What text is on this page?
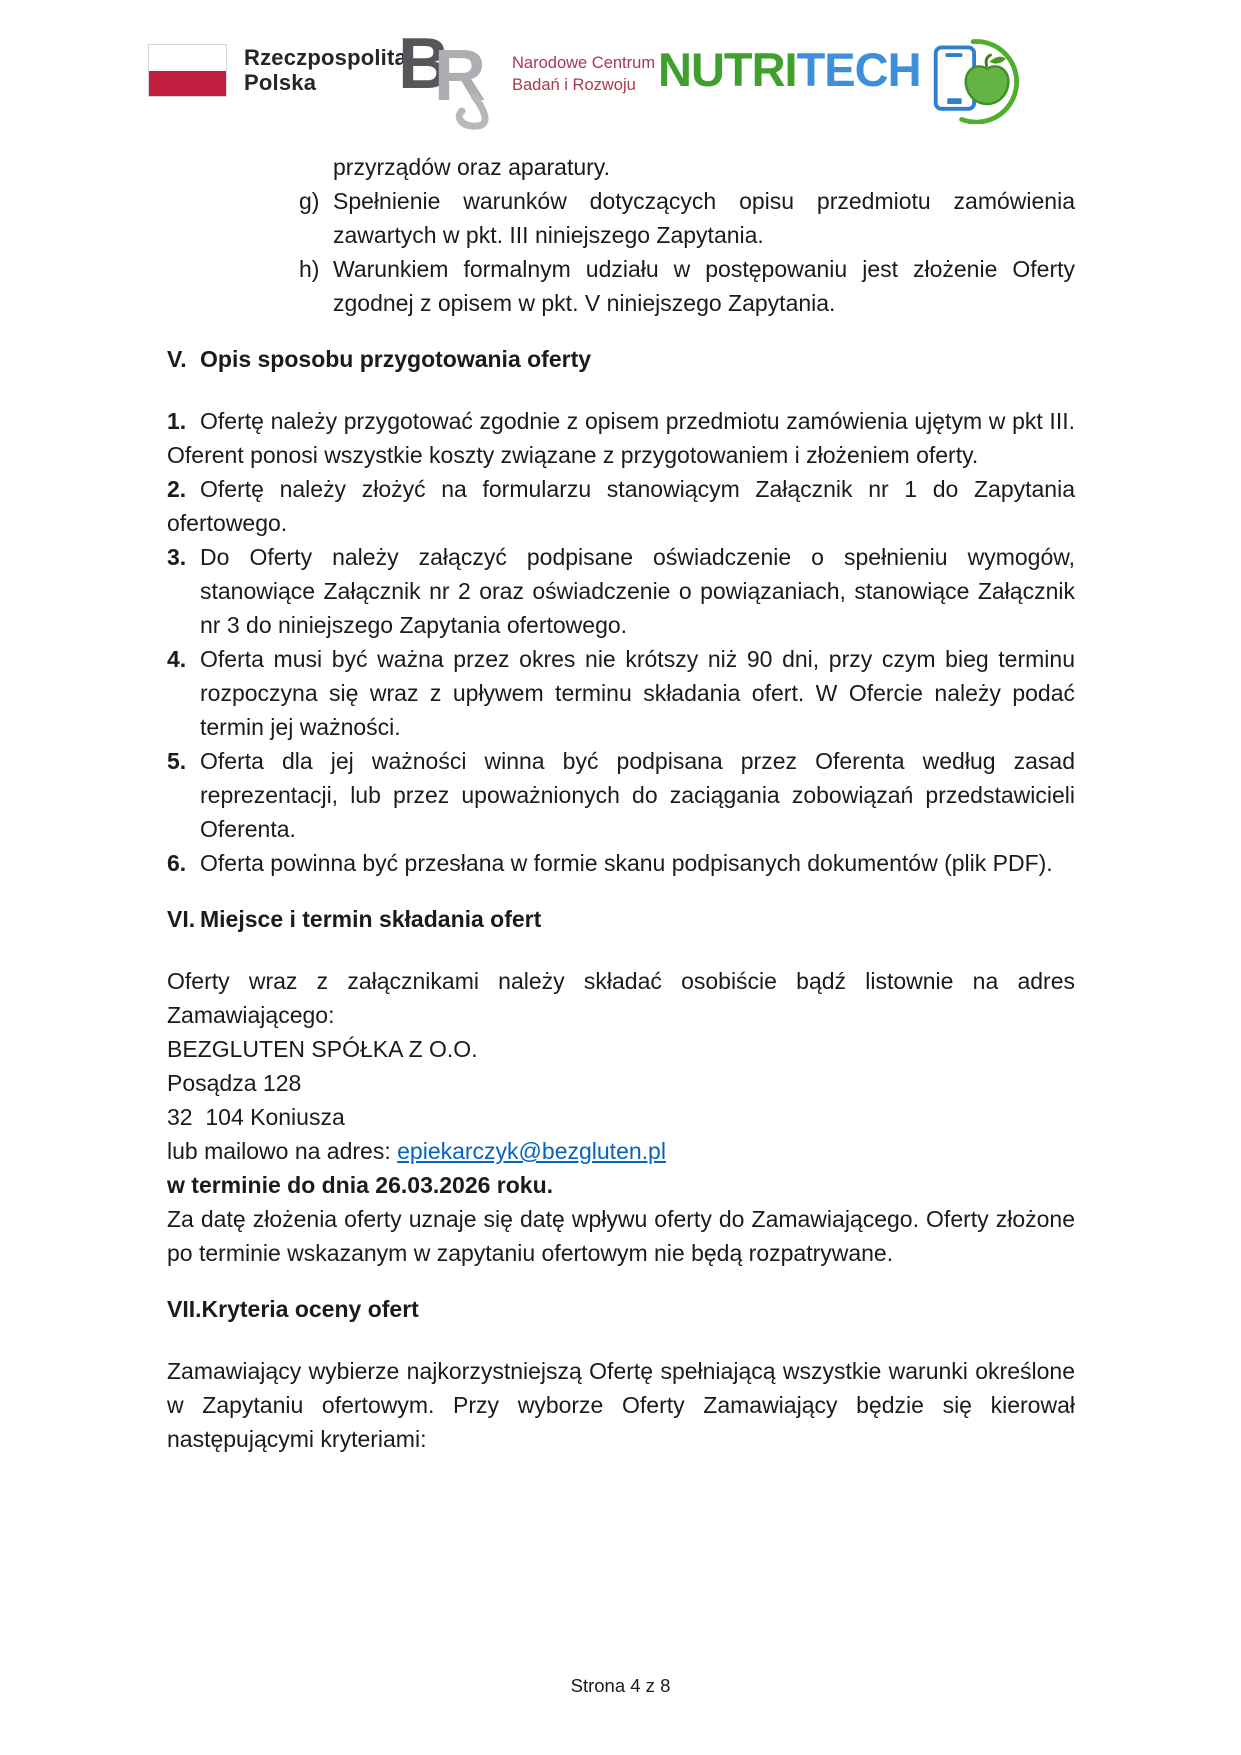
Rzeczpospolita
Polska	B
R Narodowe Centrum
Badań i Rozwoju NUTRITECH

przyrządów oraz aparatury.

g) Spełnienie warunków dotyczących opisu przedmiotu zamówienia zawartych w pkt. III niniejszego Zapytania.

h) Warunkiem formalnym udziału w postępowaniu jest złożenie Oferty zgodnej z opisem w pkt. V niniejszego Zapytania.

V. Opis sposobu przygotowania oferty

1. Ofertę należy przygotować zgodnie z opisem przedmiotu zamówienia ujętym w pkt III. Oferent ponosi wszystkie koszty związane z przygotowaniem i złożeniem oferty.

2. Ofertę należy złożyć na formularzu stanowiącym Załącznik nr 1 do Zapytania ofertowego.

3. Do Oferty należy załączyć podpisane oświadczenie o spełnieniu wymogów, stanowiące Załącznik nr 2 oraz oświadczenie o powiązaniach, stanowiące Załącznik nr 3 do niniejszego Zapytania ofertowego.

4. Oferta musi być ważna przez okres nie krótszy niż 90 dni, przy czym bieg terminu rozpoczyna się wraz z upływem terminu składania ofert. W Ofercie należy podać termin jej ważności.

5. Oferta dla jej ważności winna być podpisana przez Oferenta według zasad reprezentacji, lub przez upoważnionych do zaciągania zobowiązań przedstawicieli Oferenta.

6. Oferta powinna być przesłana w formie skanu podpisanych dokumentów (plik PDF).

VI. Miejsce i termin składania ofert

Oferty wraz z załącznikami należy składać osobiście bądź listownie na adres Zamawiającego:

BEZGLUTEN SPÓŁKA Z O.O.

Posądza 128

32  104 Koniusza

lub mailowo na adres: epiekarczyk@bezgluten.pl

w terminie do dnia 26.03.2026 roku.

Za datę złożenia oferty uznaje się datę wpływu oferty do Zamawiającego. Oferty złożone po terminie wskazanym w zapytaniu ofertowym nie będą rozpatrywane.

VII.Kryteria oceny ofert

Zamawiający wybierze najkorzystniejszą Ofertę spełniającą wszystkie warunki określone w Zapytaniu ofertowym. Przy wyborze Oferty Zamawiający będzie się kierował następującymi kryteriami:

Strona 4 z 8
